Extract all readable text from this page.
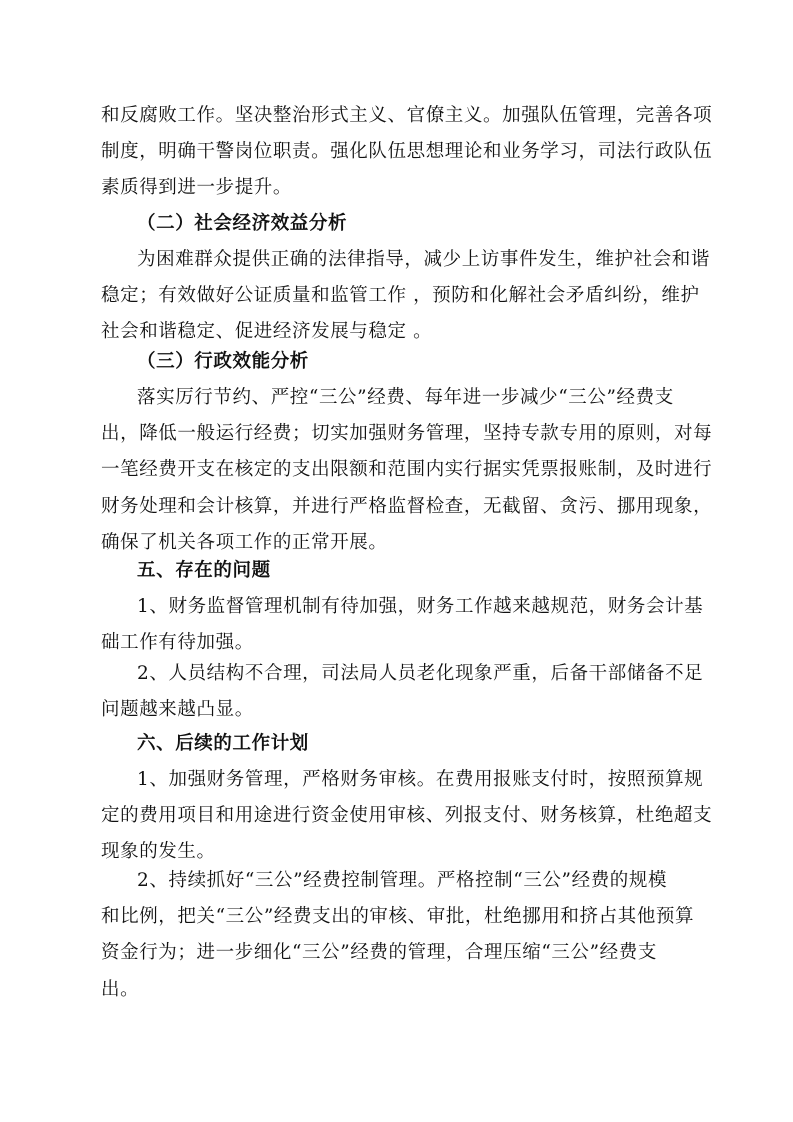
和反腐败工作。坚决整治形式主义、官僚主义。加强队伍管理，完善各项
制度，明确干警岗位职责。强化队伍思想理论和业务学习，司法行政队伍
素质得到进一步提升。
（二）社会经济效益分析
为困难群众提供正确的法律指导，减少上访事件发生，维护社会和谐
稳定；有效做好公证质量和监管工作 ，预防和化解社会矛盾纠纷，维护
社会和谐稳定、促进经济发展与稳定 。
（三）行政效能分析
落实厉行节约、严控“三公”经费、每年进一步减少“三公”经费支
出，降低一般运行经费；切实加强财务管理，坚持专款专用的原则，对每
一笔经费开支在核定的支出限额和范围内实行据实凭票报账制，及时进行
财务处理和会计核算，并进行严格监督检查，无截留、贪污、挪用现象，
确保了机关各项工作的正常开展。
五、存在的问题
1、财务监督管理机制有待加强，财务工作越来越规范，财务会计基
础工作有待加强。
2、人员结构不合理，司法局人员老化现象严重，后备干部储备不足
问题越来越凸显。
六、后续的工作计划
1、加强财务管理，严格财务审核。在费用报账支付时，按照预算规
定的费用项目和用途进行资金使用审核、列报支付、财务核算，杜绝超支
现象的发生。
2、持续抓好“三公”经费控制管理。严格控制“三公”经费的规模
和比例，把关“三公”经费支出的审核、审批，杜绝挪用和挤占其他预算
资金行为；进一步细化“三公”经费的管理，合理压缩“三公”经费支
出。
